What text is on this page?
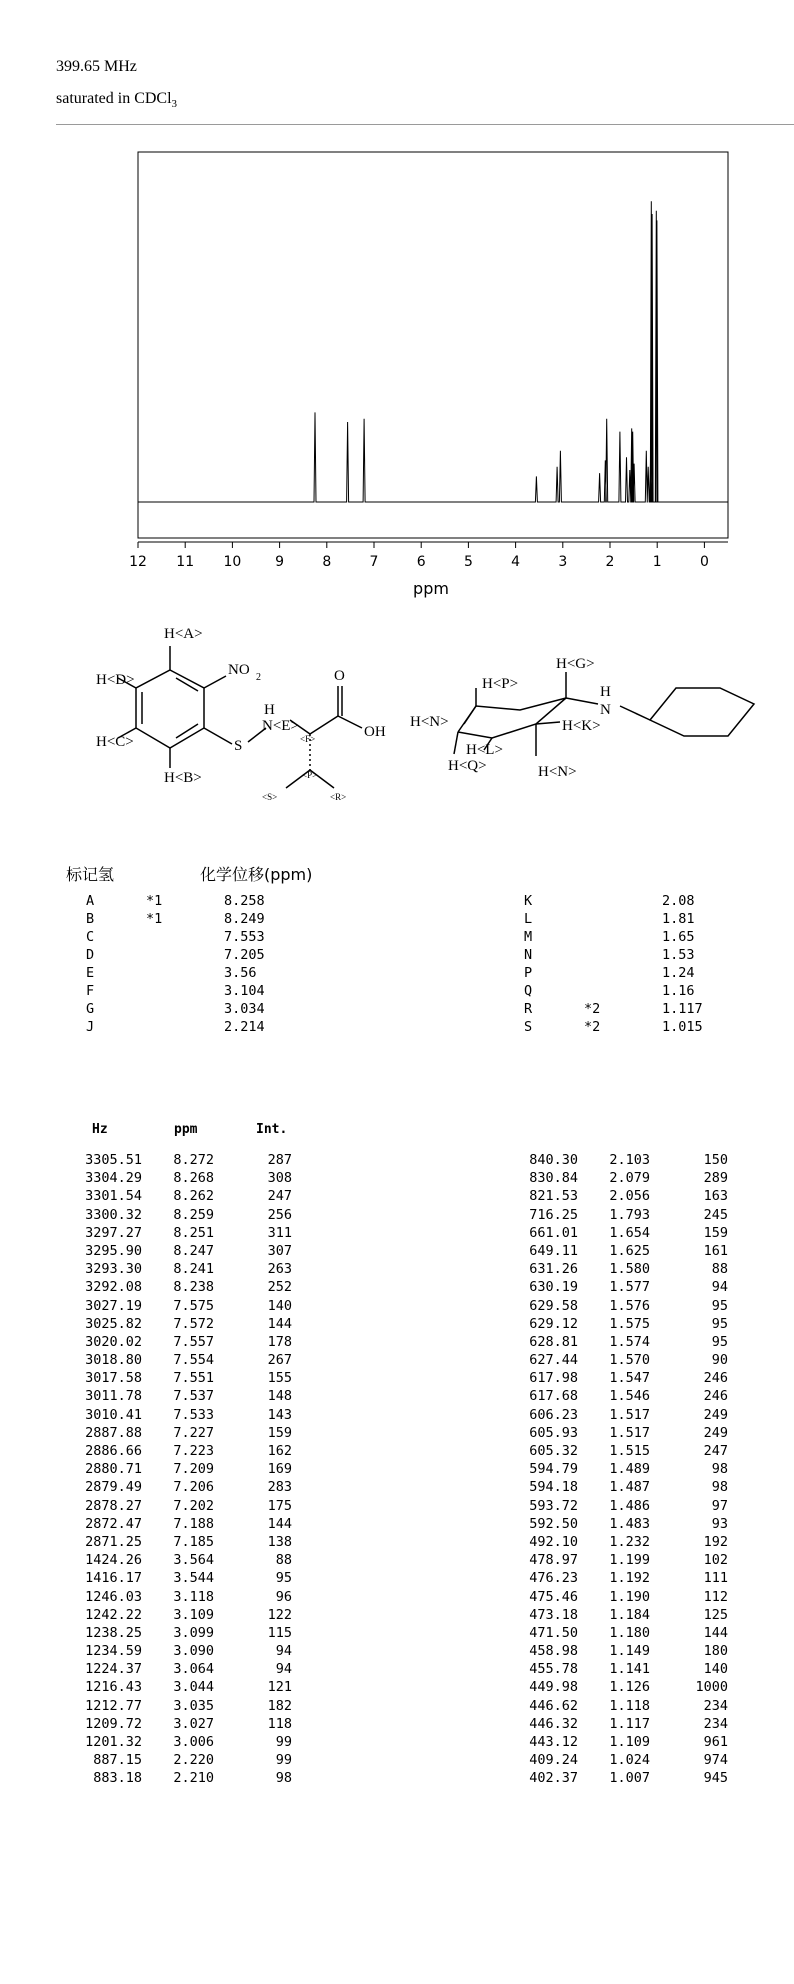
399.65 MHz
saturated in CDCl$_3$
12 11 10 9	8	7	6	5	4	3	2	1	0
ppm
H<A>
H<D>
H<C>
H<B>
NO 2
S
H
N<E>
O
OH
<F>
<S>	<R>
<P>
H<G>
H<P>	H
N
H<N>	H<K>
H<L>
H<Q>	H<N>
标记氢	化学位移(ppm)
A	*1	8.258
B	*1	8.249
C	7.553
D	7.205
E	3.56
F	3.104
G	3.034
J	2.214
K	2.08
L	1.81
M	1.65
N	1.53
P	1.24
Q	1.16
R	*2	1.117
S	*2	1.015
Hz	ppm	Int.
3305.51 8.272	287
3304.29 8.268	308
3301.54 8.262	247
3300.32 8.259	256
3297.27 8.251	311
3295.90 8.247	307
3293.30 8.241	263
3292.08 8.238	252
3027.19 7.575	140
3025.82 7.572	144
3020.02 7.557	178
3018.80 7.554	267
3017.58 7.551	155
3011.78 7.537	148
3010.41 7.533	143
2887.88 7.227	159
2886.66 7.223	162
2880.71 7.209	169
2879.49 7.206	283
2878.27 7.202	175
2872.47 7.188	144
2871.25 7.185	138
1424.26 3.564	88
1416.17 3.544	95
1246.03 3.118	96
1242.22 3.109	122
1238.25 3.099	115
1234.59 3.090	94
1224.37 3.064	94
1216.43 3.044	121
1212.77 3.035	182
1209.72 3.027	118
1201.32 3.006	99
887.15 2.220	99
883.18 2.210	98
840.30 2.103	150
830.84 2.079	289
821.53 2.056	163
716.25 1.793	245
661.01 1.654	159
649.11 1.625	161
631.26 1.580	88
630.19 1.577	94
629.58 1.576	95
629.12 1.575	95
628.81 1.574	95
627.44 1.570	90
617.98 1.547	246
617.68 1.546	246
606.23 1.517	249
605.93 1.517	249
605.32 1.515	247
594.79 1.489	98
594.18 1.487	98
593.72 1.486	97
592.50 1.483	93
492.10 1.232	192
478.97 1.199	102
476.23 1.192	111
475.46 1.190	112
473.18 1.184	125
471.50 1.180	144
458.98 1.149	180
455.78 1.141	140
449.98 1.126	1000
446.62 1.118	234
446.32 1.117	234
443.12 1.109	961
409.24 1.024	974
402.37 1.007	945
